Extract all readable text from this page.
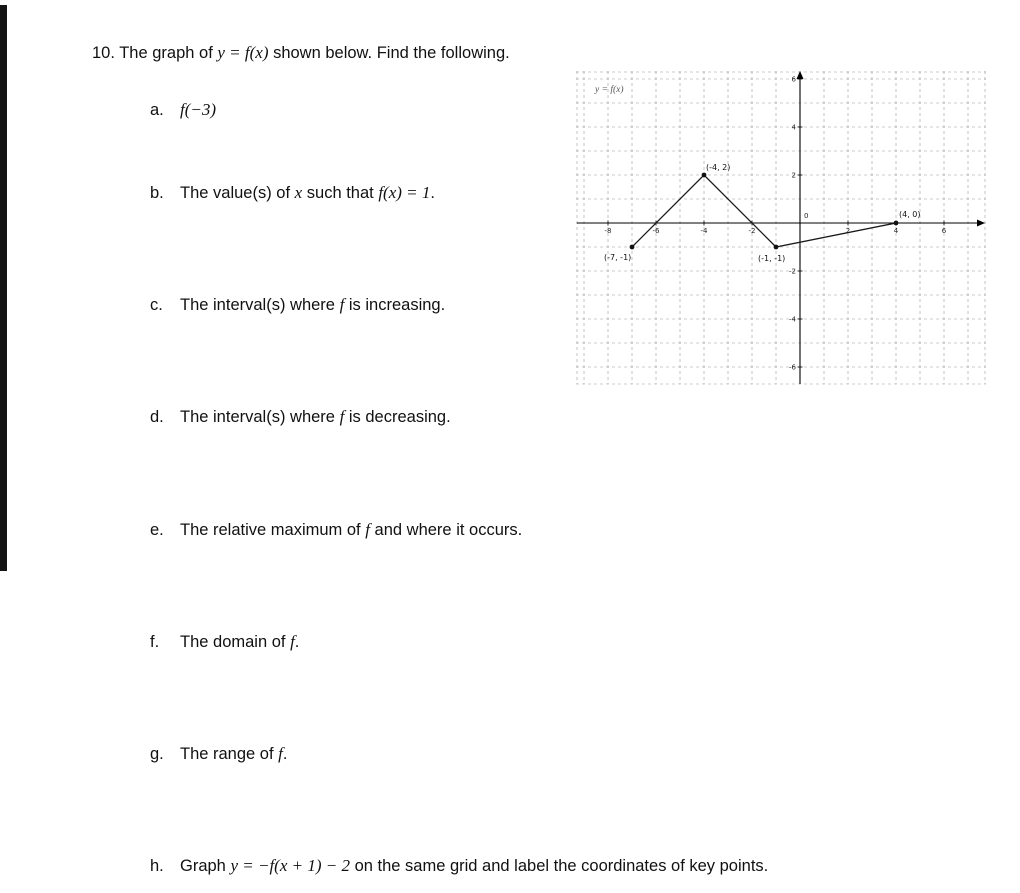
10. The graph of y = f(x) shown below. Find the following.
a. f(−3)
b. The value(s) of x such that f(x) = 1.
c. The interval(s) where f is increasing.
d. The interval(s) where f is decreasing.
e. The relative maximum of f and where it occurs.
f. The domain of f.
g. The range of f.
h. Graph y = −f(x + 1) − 2 on the same grid and label the coordinates of key points.
-8	-6	-4	-2	2	4	6
-6
-4
-2
2
4
6
0
(-7, -1)
(-4, 2)
(-1, -1)
(4, 0)
y = f(x)
